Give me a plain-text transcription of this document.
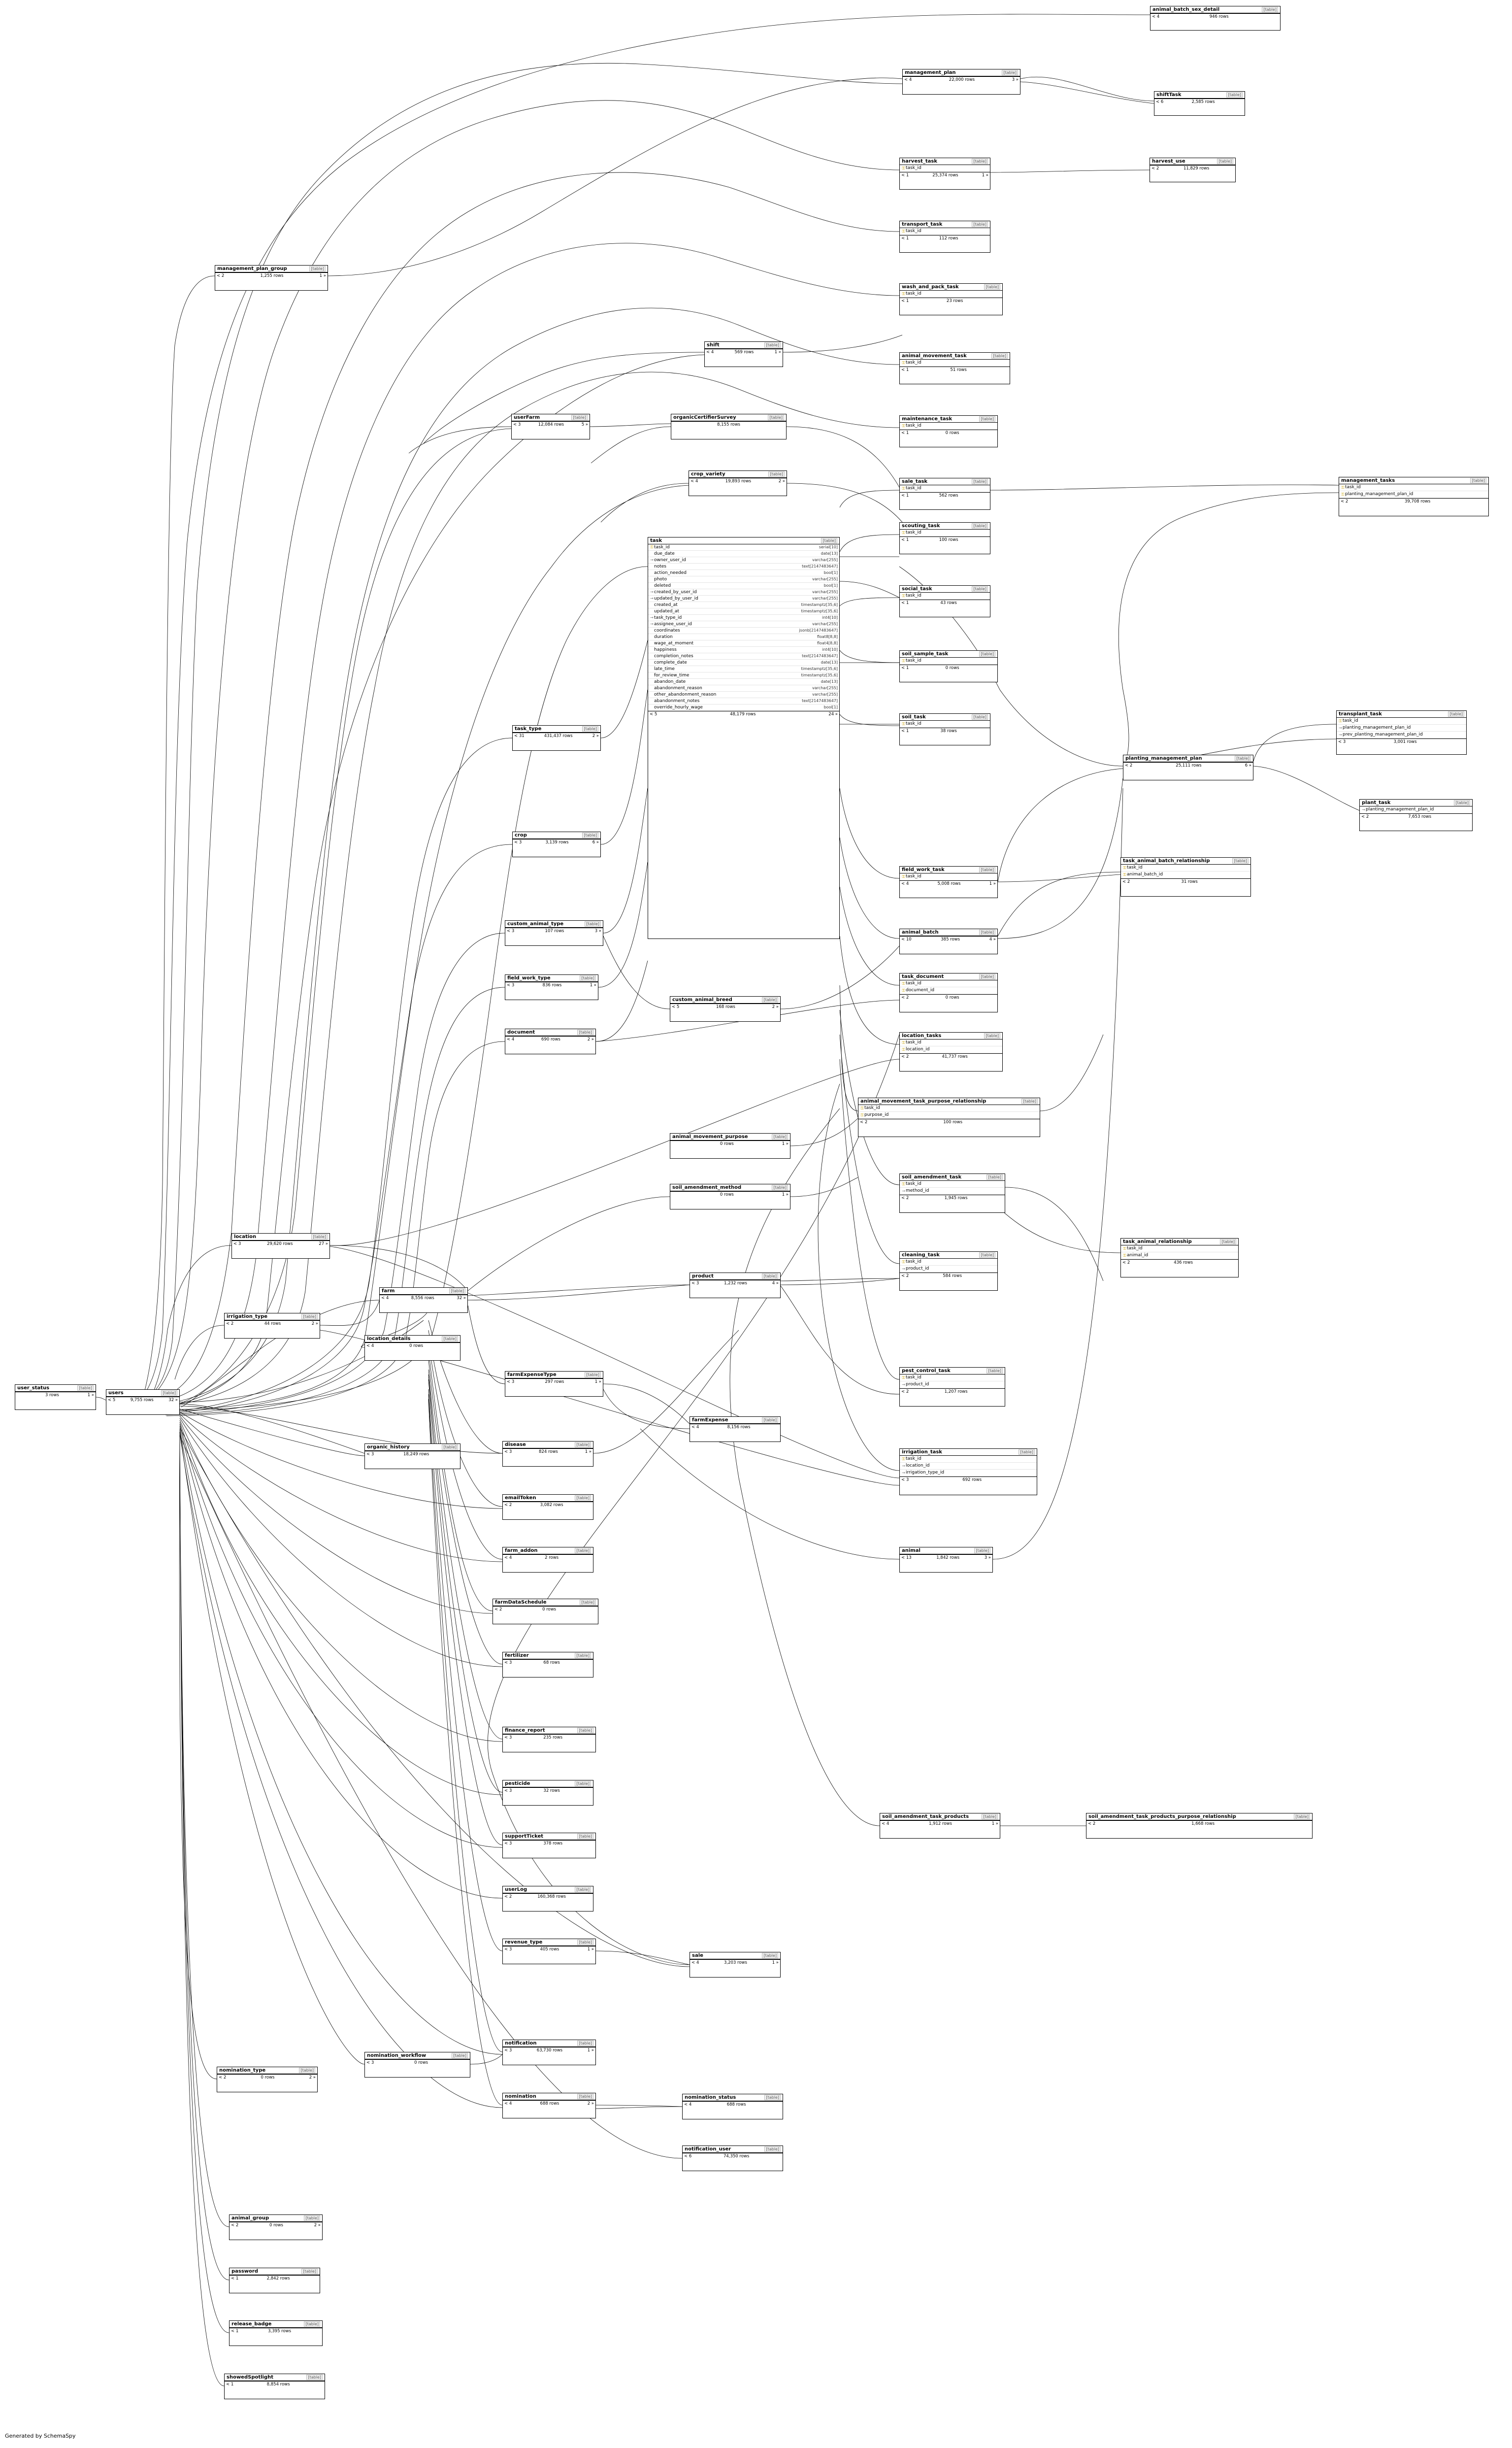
animal_batch_sex_detail	[table]
< 4	946 rows
management_plan	[table]
< 4	22,000 rows	3 »
shiftTask	[table]
< 6	2,585 rows
harvest_task	[table]
⚿ task_id
< 1	25,374 rows	1 »
harvest_use	[table]
< 2	11,829 rows
transport_task	[table]
⚿ task_id
< 1	112 rows
wash_and_pack_task	[table]
⚿ task_id
< 1	23 rows
management_plan_group	[table]
< 2	1,255 rows	1 »
animal_movement_task	[table]
⚿ task_id
< 1	51 rows
maintenance_task	[table]
⚿ task_id
< 1	0 rows
shift	[table]
< 4	569 rows	1 »
userFarm	[table]
< 3	12,084 rows	5 »
organicCertifierSurvey	[table]
8,155 rows
crop_variety	[table]
< 4	19,893 rows	2 »	sale_task	[table]
⚿ task_id
< 1	562 rows
management_tasks	[table]
⚿ task_id
⚿ planting_management_plan_id
< 2	39,708 rows
scouting_task	[table]
⚿ task_id
< 1	100 rows
social_task	[table]
⚿ task_id
< 1	43 rows
task	[table]
⚿ task_id	serial[10]
due_date	date[13]
→ owner_user_id	varchar[255]
notes	text[2147483647]
action_needed	bool[1]
photo	varchar[255]
deleted	bool[1]
→ created_by_user_id	varchar[255]
→ updated_by_user_id	varchar[255]
created_at	timestamptz[35,6]
updated_at	timestamptz[35,6]
→ task_type_id	int4[10]
→ assignee_user_id	varchar[255]
coordinates	jsonb[2147483647]
duration	float8[8,8]
wage_at_moment	float4[8,8]
happiness	int4[10]
completion_notes	text[2147483647]
complete_date	date[13]
late_time	timestamptz[35,6]
for_review_time	timestamptz[35,6]
abandon_date	date[13]
abandonment_reason	varchar[255]
other_abandonment_reason	varchar[255]
abandonment_notes	text[2147483647]
override_hourly_wage	bool[1]
< 5	48,179 rows	24 »
soil_sample_task	[table]
⚿ task_id
< 1	0 rows
soil_task	[table]
⚿ task_id
< 1	38 rows
transplant_task	[table]
⚿ task_id
→ planting_management_plan_id
→ prev_planting_management_plan_id
< 3	3,001 rows
planting_management_plan	[table]
< 2	25,111 rows	6 »
plant_task	[table]
→ planting_management_plan_id
< 2	7,653 rows
task_type	[table]
< 31	431,437 rows	2 »
task_animal_batch_relationship	[table]
⚿ task_id
⚿ animal_batch_id
< 2	31 rows
field_work_task	[table]
⚿ task_id
< 4	5,008 rows	1 »
crop	[table]
< 3	3,139 rows	6 »
animal_batch	[table]
< 10	385 rows	4 »
custom_animal_type	[table]
< 3	107 rows	3 »
task_document	[table]
⚿ task_id
⚿ document_id
< 2	0 rows
field_work_type	[table]
< 3	836 rows	1 »
custom_animal_breed	[table]
< 5	168 rows	2 »
location_tasks	[table]
⚿ task_id
⚿ location_id
< 2	41,737 rows
document	[table]
< 4	690 rows	2 »
animal_movement_task_purpose_relationship	[table]
⚿ task_id
⚿ purpose_id
< 2	100 rows
animal_movement_purpose	[table]
0 rows	1 »
soil_amendment_task	[table]
⚿ task_id
→ method_id
< 2	1,945 rows
soil_amendment_method	[table]
0 rows	1 »
task_animal_relationship	[table]
⚿ task_id
⚿ animal_id
< 2	436 rows
cleaning_task	[table]
⚿ task_id
→ product_id
< 2	584 rows
location	[table]
< 3	29,620 rows	27 »
product	[table]
< 3	1,232 rows	4 »
farm	[table]
< 4	8,556 rows	32 »
irrigation_type	[table]
< 2	44 rows	2 »
location_details	[table]
< 4	0 rows
pest_control_task	[table]
⚿ task_id
→ product_id
< 2	1,207 rows
farmExpenseType	[table]
< 3	297 rows	1 »
user_status	[table]
3 rows	1 »	users	[table]
< 5	9,755 rows	32 »
farmExpense	[table]
< 4	8,156 rows
organic_history	[table]
< 3	18,249 rows
disease	[table]
< 3	824 rows	1 »	irrigation_task	[table]
⚿ task_id
→ location_id
→ irrigation_type_id
< 3	692 rows
emailToken	[table]
< 2	3,082 rows
farm_addon	[table]
< 4	2 rows
animal	[table]
< 13	1,842 rows	3 »
farmDataSchedule	[table]
< 2	0 rows
fertilizer	[table]
< 3	68 rows
finance_report	[table]
< 3	235 rows
pesticide	[table]
< 3	32 rows
supportTicket	[table]
< 3	378 rows
soil_amendment_task_products	[table]
< 4	1,912 rows	1 »
soil_amendment_task_products_purpose_relationship	[table]
< 2	1,668 rows
userLog	[table]
< 2	160,368 rows
revenue_type	[table]
< 3	405 rows	1 »
sale	[table]
< 4	3,203 rows	1 »
notification	[table]
< 3	63,730 rows	1 »
nomination_workflow	[table]
< 3	0 rows
nomination_type	[table]
< 2	0 rows	2 »
nomination	[table]
< 4	688 rows	2 »
nomination_status	[table]
< 4	688 rows
notification_user	[table]
< 6	74,350 rows
animal_group	[table]
< 2	0 rows	2 »
password	[table]
< 1	2,842 rows
release_badge	[table]
< 1	3,395 rows
showedSpotlight	[table]
< 1	8,854 rows
Generated by SchemaSpy
